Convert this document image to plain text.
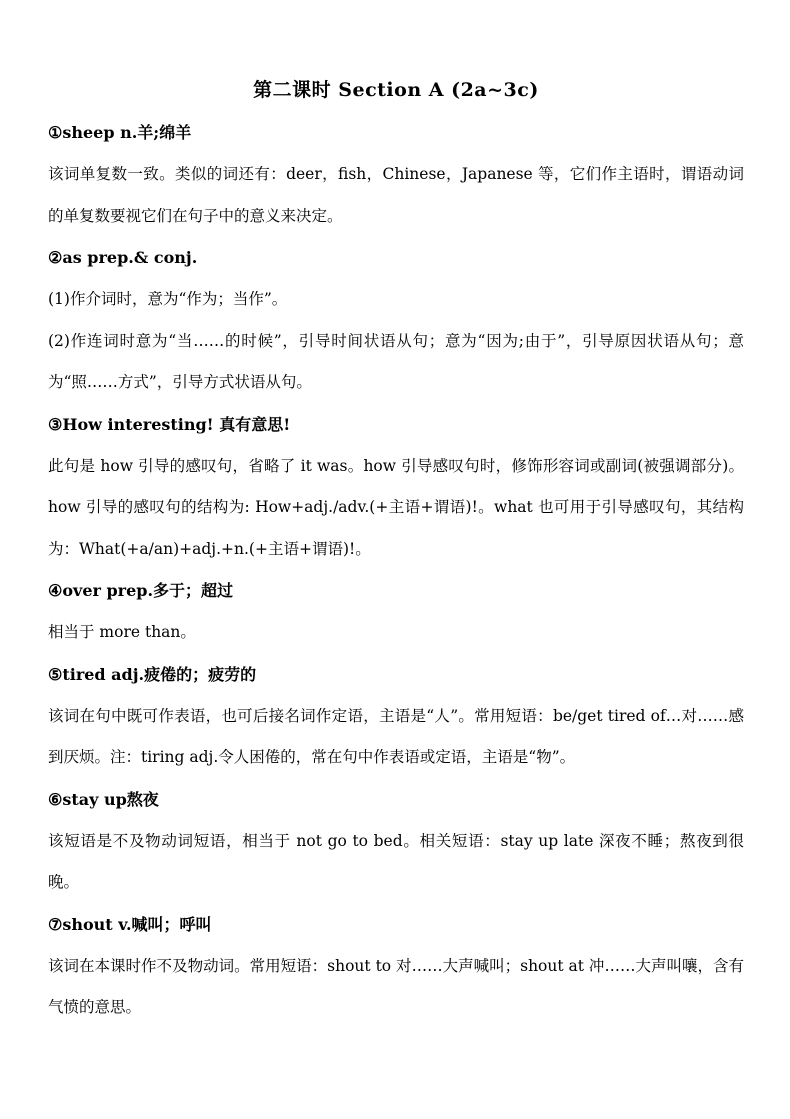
第二课时 Section A (2a~3c)
①sheep n.羊;绵羊

该词单复数一致。类似的词还有：deer，fish，Chinese，Japanese 等，它们作主语时，谓语动词的单复数要视它们在句子中的意义来决定。

②as prep.& conj.

(1)作介词时，意为“作为；当作”。

(2)作连词时意为“当……的时候”，引导时间状语从句；意为“因为;由于”，引导原因状语从句；意为“照……方式”，引导方式状语从句。

③How interesting! 真有意思!

此句是 how 引导的感叹句，省略了 it was。how 引导感叹句时，修饰形容词或副词(被强调部分)。how 引导的感叹句的结构为: How+adj./adv.(+主语+谓语)!。what 也可用于引导感叹句，其结构为：What(+a/an)+adj.+n.(+主语+谓语)!。

④over prep.多于；超过

相当于 more than。

⑤tired adj.疲倦的；疲劳的

该词在句中既可作表语，也可后接名词作定语，主语是“人”。常用短语：be/get tired of…对……感到厌烦。注：tiring adj.令人困倦的，常在句中作表语或定语，主语是“物”。

⑥stay up熬夜

该短语是不及物动词短语，相当于 not go to bed。相关短语：stay up late 深夜不睡；熬夜到很晚。

⑦shout v.喊叫；呼叫

该词在本课时作不及物动词。常用短语：shout to 对……大声喊叫；shout at 冲……大声叫嚷，含有气愤的意思。
